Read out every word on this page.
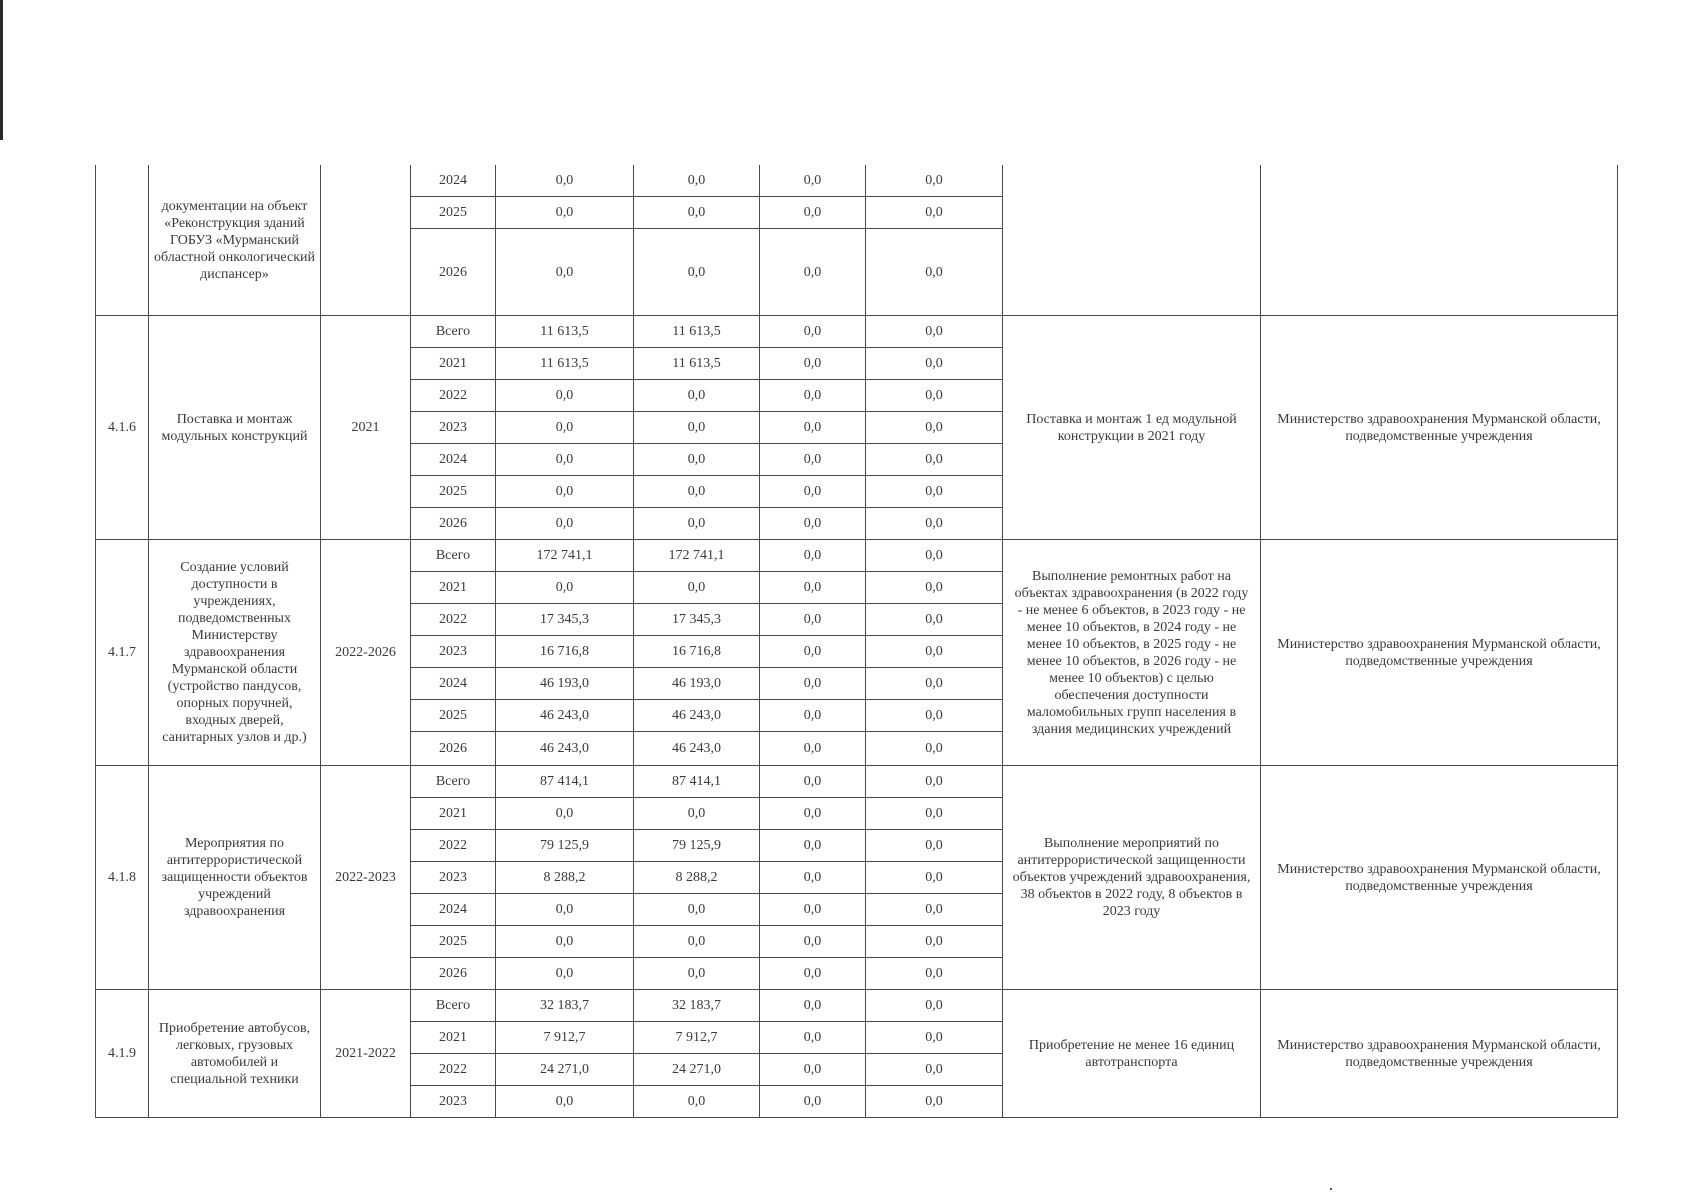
	документации на объект «Реконструкция зданий ГОБУЗ «Мурманский областной онкологический диспансер»		2024	0,0	0,0	0,0	0,0		
			2025	0,0	0,0	0,0	0,0		
			2026	0,0	0,0	0,0	0,0		
4.1.6	Поставка и монтаж модульных конструкций	2021	Всего	11 613,5	11 613,5	0,0	0,0	Поставка и монтаж 1 ед модульной конструкции в 2021 году	Министерство здравоохранения Мурманской области, подведомственные учреждения
			2021	11 613,5	11 613,5	0,0	0,0		
			2022	0,0	0,0	0,0	0,0		
			2023	0,0	0,0	0,0	0,0		
			2024	0,0	0,0	0,0	0,0		
			2025	0,0	0,0	0,0	0,0		
			2026	0,0	0,0	0,0	0,0		
4.1.7	Создание условий доступности в учреждениях, подведомственных Министерству здравоохранения Мурманской области (устройство пандусов, опорных поручней, входных дверей, санитарных узлов и др.)	2022-2026	Всего	172 741,1	172 741,1	0,0	0,0	Выполнение ремонтных работ на объектах здравоохранения (в 2022 году - не менее 6 объектов, в 2023 году - не менее 10 объектов, в 2024 году - не менее 10 объектов, в 2025 году - не менее 10 объектов, в 2026 году - не менее 10 объектов) с целью обеспечения доступности маломобильных групп населения в здания медицинских учреждений	Министерство здравоохранения Мурманской области, подведомственные учреждения
			2021	0,0	0,0	0,0	0,0		
			2022	17 345,3	17 345,3	0,0	0,0		
			2023	16 716,8	16 716,8	0,0	0,0		
			2024	46 193,0	46 193,0	0,0	0,0		
			2025	46 243,0	46 243,0	0,0	0,0		
			2026	46 243,0	46 243,0	0,0	0,0		
4.1.8	Мероприятия по антитеррористической защищенности объектов учреждений здравоохранения	2022-2023	Всего	87 414,1	87 414,1	0,0	0,0	Выполнение мероприятий по антитеррористической защищенности объектов учреждений здравоохранения, 38 объектов в 2022 году, 8 объектов в 2023 году	Министерство здравоохранения Мурманской области, подведомственные учреждения
			2021	0,0	0,0	0,0	0,0		
			2022	79 125,9	79 125,9	0,0	0,0		
			2023	8 288,2	8 288,2	0,0	0,0		
			2024	0,0	0,0	0,0	0,0		
			2025	0,0	0,0	0,0	0,0		
			2026	0,0	0,0	0,0	0,0		
4.1.9	Приобретение автобусов, легковых, грузовых автомобилей и специальной техники	2021-2022	Всего	32 183,7	32 183,7	0,0	0,0	Приобретение не менее 16 единиц автотранспорта	Министерство здравоохранения Мурманской области, подведомственные учреждения
			2021	7 912,7	7 912,7	0,0	0,0		
			2022	24 271,0	24 271,0	0,0	0,0		
			2023	0,0	0,0	0,0	0,0		
